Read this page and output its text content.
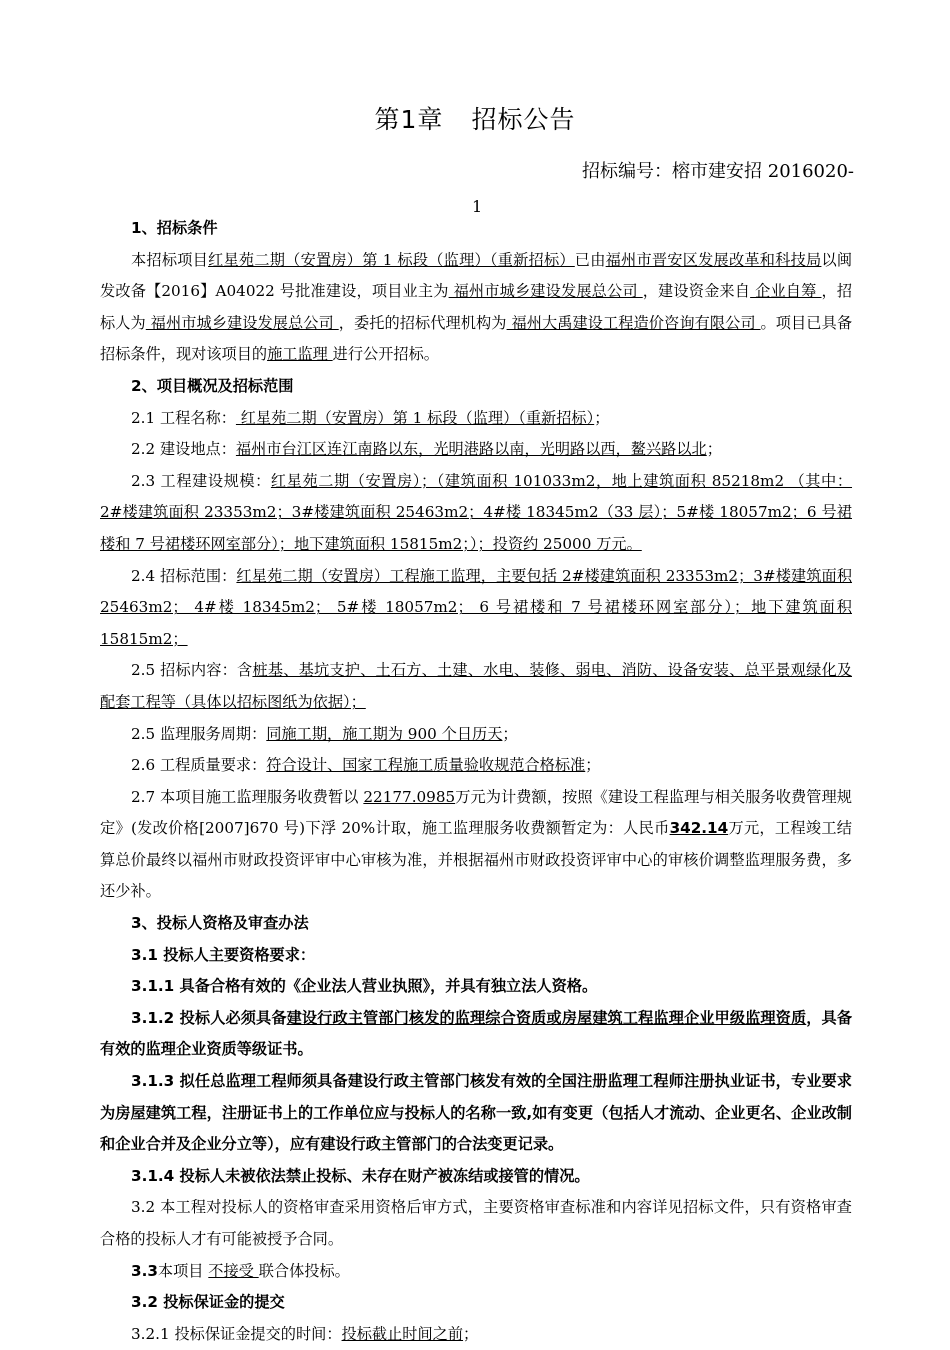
第1章 招标公告
招标编号：榕市建安招 2016020-
1

1、招标条件

本招标项目红星苑二期（安置房）第 1 标段（监理）（重新招标）已由福州市晋安区发展改革和科技局以闽发改备【2016】A04022 号批准建设，项目业主为 福州市城乡建设发展总公司 ，建设资金来自 企业自筹 ，招标人为 福州市城乡建设发展总公司 ，委托的招标代理机构为 福州大禹建设工程造价咨询有限公司 。项目已具备招标条件，现对该项目的施工监理 进行公开招标。

2、项目概况及招标范围

2.1 工程名称： 红星苑二期（安置房）第 1 标段（监理）（重新招标）；

2.2 建设地点：福州市台江区连江南路以东，光明港路以南，光明路以西，鳌兴路以北；

2.3 工程建设规模：红星苑二期（安置房）；（建筑面积 101033m2，地上建筑面积 85218m2 （其中：2#楼建筑面积 23353m2；3#楼建筑面积 25463m2；4#楼 18345m2（33 层）；5#楼 18057m2；6 号裙楼和 7 号裙楼环网室部分）；地下建筑面积 15815m2；）；投资约 25000 万元。

2.4 招标范围：红星苑二期（安置房）工程施工监理，主要包括 2#楼建筑面积 23353m2；3#楼建筑面积 25463m2； 4#楼 18345m2； 5#楼 18057m2； 6 号裙楼和 7 号裙楼环网室部分）；地下建筑面积 15815m2；

2.5 招标内容：含桩基、基坑支护、土石方、土建、水电、装修、弱电、消防、设备安装、总平景观绿化及配套工程等（具体以招标图纸为依据）；

2.5 监理服务周期：同施工期，施工期为 900 个日历天；

2.6 工程质量要求：符合设计、国家工程施工质量验收规范合格标准；

2.7 本项目施工监理服务收费暂以 22177.0985万元为计费额，按照《建设工程监理与相关服务收费管理规定》(发改价格[2007]670 号)下浮 20%计取，施工监理服务收费额暂定为：人民币342.14万元，工程竣工结算总价最终以福州市财政投资评审中心审核为准，并根据福州市财政投资评审中心的审核价调整监理服务费，多还少补。

3、投标人资格及审查办法

3.1 投标人主要资格要求：

3.1.1 具备合格有效的《企业法人营业执照》，并具有独立法人资格。

3.1.2 投标人必须具备建设行政主管部门核发的监理综合资质或房屋建筑工程监理企业甲级监理资质，具备有效的监理企业资质等级证书。

3.1.3 拟任总监理工程师须具备建设行政主管部门核发有效的全国注册监理工程师注册执业证书，专业要求为房屋建筑工程，注册证书上的工作单位应与投标人的名称一致,如有变更（包括人才流动、企业更名、企业改制和企业合并及企业分立等），应有建设行政主管部门的合法变更记录。

3.1.4 投标人未被依法禁止投标、未存在财产被冻结或接管的情况。

3.2 本工程对投标人的资格审查采用资格后审方式，主要资格审查标准和内容详见招标文件，只有资格审查合格的投标人才有可能被授予合同。

3.3本项目 不接受 联合体投标。

3.2 投标保证金的提交

3.2.1 投标保证金提交的时间：投标截止时间之前；
